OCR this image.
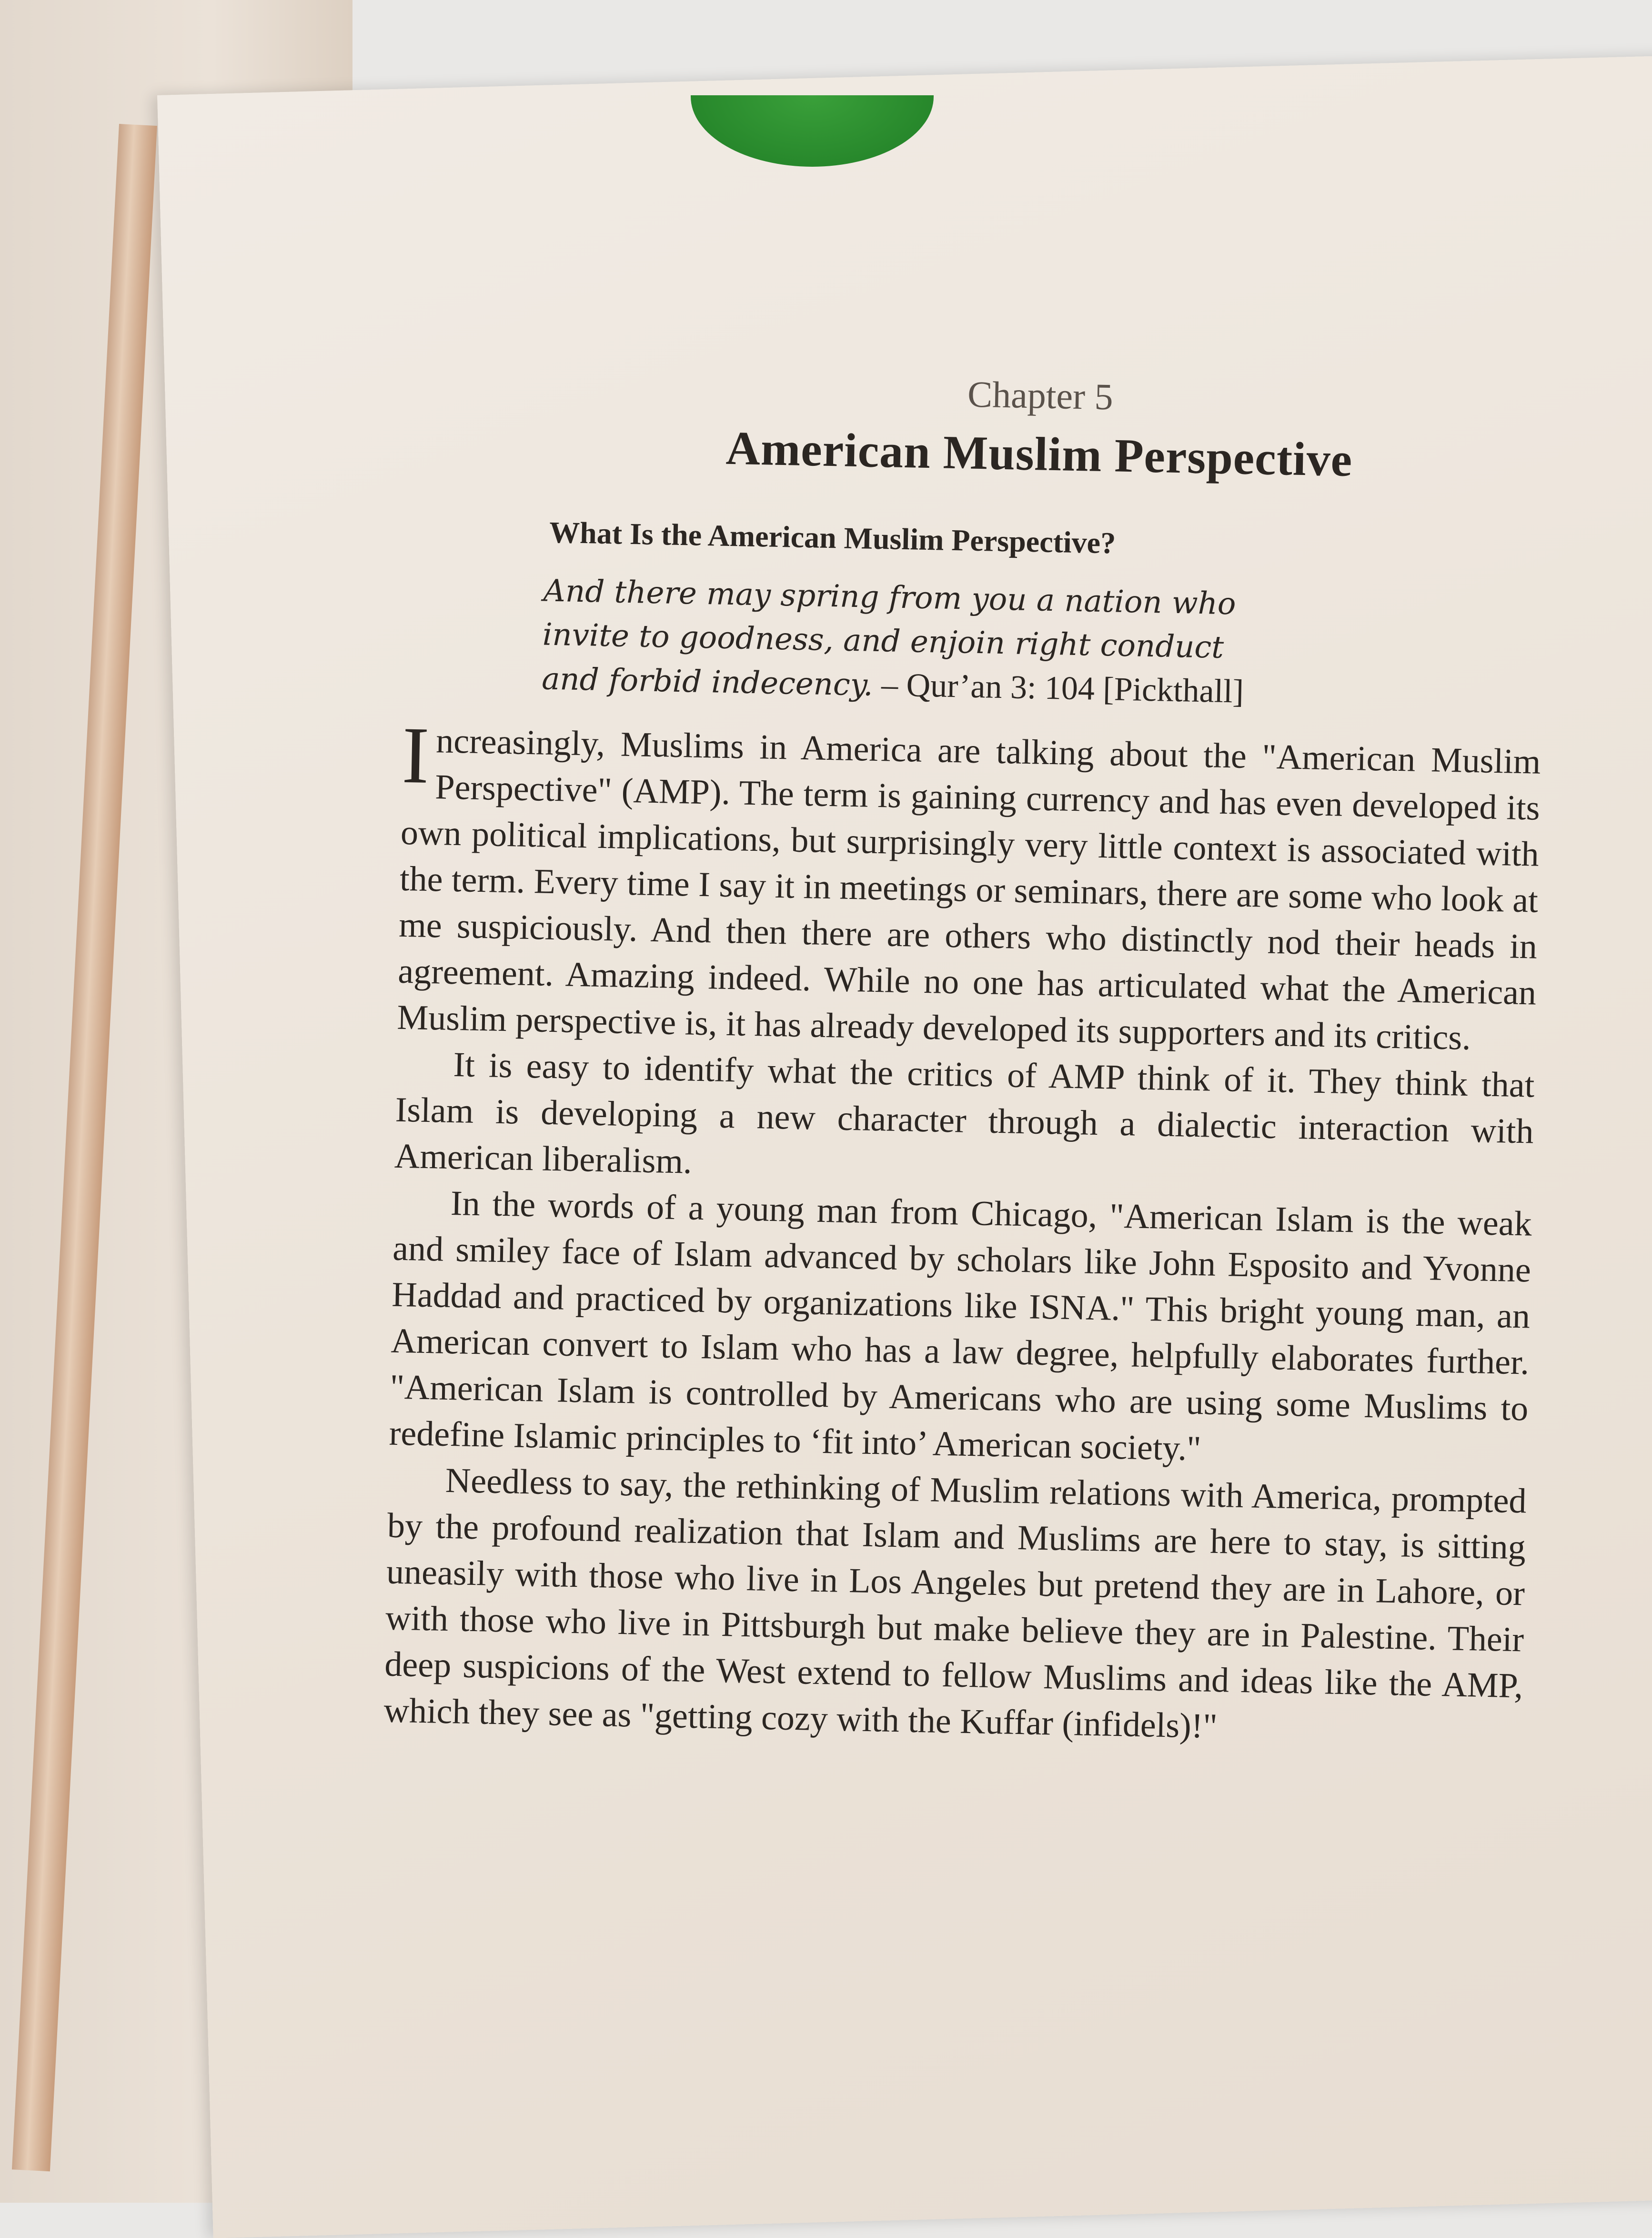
Chapter 5
American Muslim Perspective
What Is the American Muslim Perspective?
And there may spring from you a nation who
invite to goodness, and enjoin right conduct
and forbid indecency. – Qur’an 3: 104 [Pickthall]

Increasingly, Muslims in America are talking about the "American Muslim Perspective" (AMP). The term is gaining currency and has even developed its own political implications, but surprisingly very little context is associated with the term. Every time I say it in meetings or seminars, there are some who look at me suspiciously. And then there are others who distinctly nod their heads in agreement. Amazing indeed. While no one has articulated what the American Muslim perspective is, it has already developed its supporters and its critics.

It is easy to identify what the critics of AMP think of it. They think that Islam is developing a new character through a dialectic interaction with American liberalism.

In the words of a young man from Chicago, "American Islam is the weak and smiley face of Islam advanced by scholars like John Esposito and Yvonne Haddad and practiced by organizations like ISNA." This bright young man, an American convert to Islam who has a law degree, helpfully elaborates further. "American Islam is controlled by Americans who are using some Muslims to redefine Islamic principles to ‘fit into’ American society."

Needless to say, the rethinking of Muslim relations with America, prompted by the profound realization that Islam and Muslims are here to stay, is sitting uneasily with those who live in Los Angeles but pretend they are in Lahore, or with those who live in Pittsburgh but make believe they are in Palestine. Their deep suspicions of the West extend to fellow Muslims and ideas like the AMP, which they see as "getting cozy with the Kuffar (infidels)!"
